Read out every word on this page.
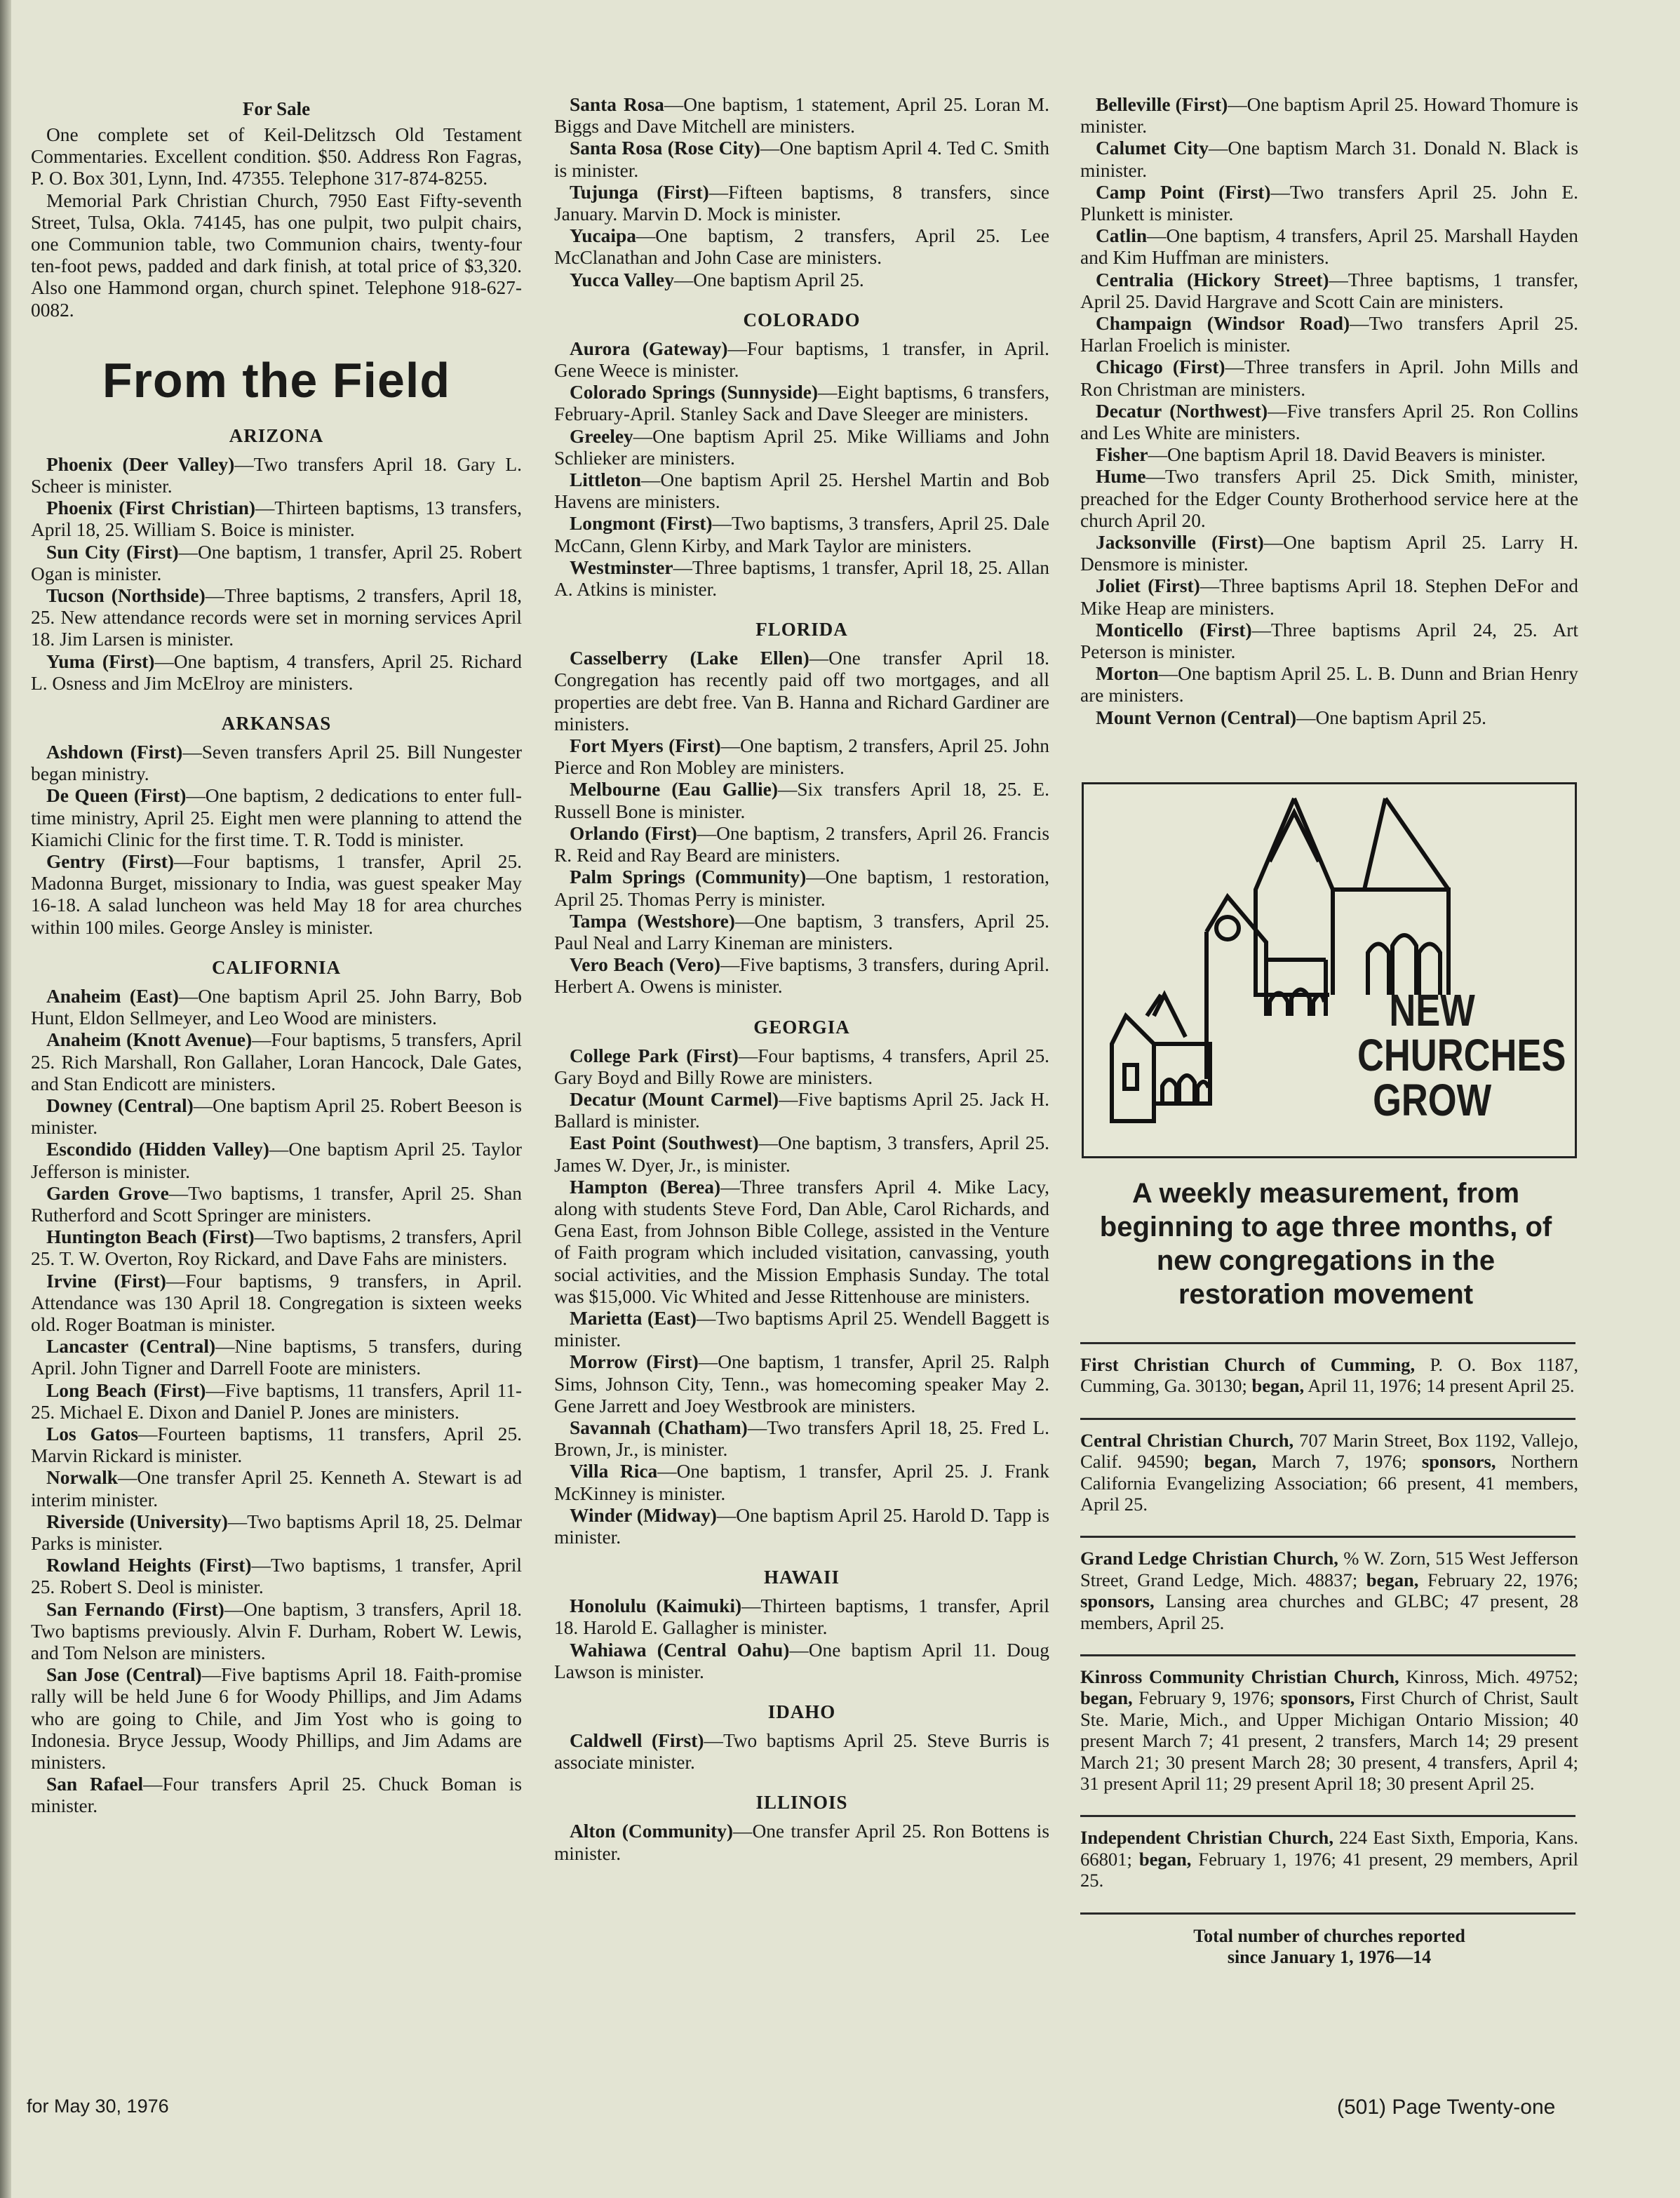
For Sale

One complete set of Keil-Delitzsch Old Testament Commentaries. Excellent condition. $50. Address Ron Fagras, P. O. Box 301, Lynn, Ind. 47355. Telephone 317-874-8255.

Memorial Park Christian Church, 7950 East Fifty-seventh Street, Tulsa, Okla. 74145, has one pulpit, two pulpit chairs, one Communion table, two Communion chairs, twenty-four ten-foot pews, padded and dark finish, at total price of $3,320. Also one Hammond organ, church spinet. Telephone 918-627-0082.

From the Field
ARIZONA

Phoenix (Deer Valley)—Two transfers April 18. Gary L. Scheer is minister.

Phoenix (First Christian)—Thirteen baptisms, 13 transfers, April 18, 25. William S. Boice is minister.

Sun City (First)—One baptism, 1 transfer, April 25. Robert Ogan is minister.

Tucson (Northside)—Three baptisms, 2 transfers, April 18, 25. New attendance records were set in morning services April 18. Jim Larsen is minister.

Yuma (First)—One baptism, 4 transfers, April 25. Richard L. Osness and Jim McElroy are ministers.

ARKANSAS

Ashdown (First)—Seven transfers April 25. Bill Nungester began ministry.

De Queen (First)—One baptism, 2 dedications to enter full-time ministry, April 25. Eight men were planning to attend the Kiamichi Clinic for the first time. T. R. Todd is minister.

Gentry (First)—Four baptisms, 1 transfer, April 25. Madonna Burget, missionary to India, was guest speaker May 16-18. A salad luncheon was held May 18 for area churches within 100 miles. George Ansley is minister.

CALIFORNIA

Anaheim (East)—One baptism April 25. John Barry, Bob Hunt, Eldon Sellmeyer, and Leo Wood are ministers.

Anaheim (Knott Avenue)—Four baptisms, 5 transfers, April 25. Rich Marshall, Ron Gallaher, Loran Hancock, Dale Gates, and Stan Endicott are ministers.

Downey (Central)—One baptism April 25. Robert Beeson is minister.

Escondido (Hidden Valley)—One baptism April 25. Taylor Jefferson is minister.

Garden Grove—Two baptisms, 1 transfer, April 25. Shan Rutherford and Scott Springer are ministers.

Huntington Beach (First)—Two baptisms, 2 transfers, April 25. T. W. Overton, Roy Rickard, and Dave Fahs are ministers.

Irvine (First)—Four baptisms, 9 transfers, in April. Attendance was 130 April 18. Congregation is sixteen weeks old. Roger Boatman is minister.

Lancaster (Central)—Nine baptisms, 5 transfers, during April. John Tigner and Darrell Foote are ministers.

Long Beach (First)—Five baptisms, 11 transfers, April 11-25. Michael E. Dixon and Daniel P. Jones are ministers.

Los Gatos—Fourteen baptisms, 11 transfers, April 25. Marvin Rickard is minister.

Norwalk—One transfer April 25. Kenneth A. Stewart is ad interim minister.

Riverside (University)—Two baptisms April 18, 25. Delmar Parks is minister.

Rowland Heights (First)—Two baptisms, 1 transfer, April 25. Robert S. Deol is minister.

San Fernando (First)—One baptism, 3 transfers, April 18. Two baptisms previously. Alvin F. Durham, Robert W. Lewis, and Tom Nelson are ministers.

San Jose (Central)—Five baptisms April 18. Faith-promise rally will be held June 6 for Woody Phillips, and Jim Adams who are going to Chile, and Jim Yost who is going to Indonesia. Bryce Jessup, Woody Phillips, and Jim Adams are ministers.

San Rafael—Four transfers April 25. Chuck Boman is minister.

Santa Rosa—One baptism, 1 statement, April 25. Loran M. Biggs and Dave Mitchell are ministers.

Santa Rosa (Rose City)—One baptism April 4. Ted C. Smith is minister.

Tujunga (First)—Fifteen baptisms, 8 transfers, since January. Marvin D. Mock is minister.

Yucaipa—One baptism, 2 transfers, April 25. Lee McClanathan and John Case are ministers.

Yucca Valley—One baptism April 25.

COLORADO

Aurora (Gateway)—Four baptisms, 1 transfer, in April. Gene Weece is minister.

Colorado Springs (Sunnyside)—Eight baptisms, 6 transfers, February-April. Stanley Sack and Dave Sleeger are ministers.

Greeley—One baptism April 25. Mike Williams and John Schlieker are ministers.

Littleton—One baptism April 25. Hershel Martin and Bob Havens are ministers.

Longmont (First)—Two baptisms, 3 transfers, April 25. Dale McCann, Glenn Kirby, and Mark Taylor are ministers.

Westminster—Three baptisms, 1 transfer, April 18, 25. Allan A. Atkins is minister.

FLORIDA

Casselberry (Lake Ellen)—One transfer April 18. Congregation has recently paid off two mortgages, and all properties are debt free. Van B. Hanna and Richard Gardiner are ministers.

Fort Myers (First)—One baptism, 2 transfers, April 25. John Pierce and Ron Mobley are ministers.

Melbourne (Eau Gallie)—Six transfers April 18, 25. E. Russell Bone is minister.

Orlando (First)—One baptism, 2 transfers, April 26. Francis R. Reid and Ray Beard are ministers.

Palm Springs (Community)—One baptism, 1 restoration, April 25. Thomas Perry is minister.

Tampa (Westshore)—One baptism, 3 transfers, April 25. Paul Neal and Larry Kineman are ministers.

Vero Beach (Vero)—Five baptisms, 3 transfers, during April. Herbert A. Owens is minister.

GEORGIA

College Park (First)—Four baptisms, 4 transfers, April 25. Gary Boyd and Billy Rowe are ministers.

Decatur (Mount Carmel)—Five baptisms April 25. Jack H. Ballard is minister.

East Point (Southwest)—One baptism, 3 transfers, April 25. James W. Dyer, Jr., is minister.

Hampton (Berea)—Three transfers April 4. Mike Lacy, along with students Steve Ford, Dan Able, Carol Richards, and Gena East, from Johnson Bible College, assisted in the Venture of Faith program which included visitation, canvassing, youth social activities, and the Mission Emphasis Sunday. The total was $15,000. Vic Whited and Jesse Rittenhouse are ministers.

Marietta (East)—Two baptisms April 25. Wendell Baggett is minister.

Morrow (First)—One baptism, 1 transfer, April 25. Ralph Sims, Johnson City, Tenn., was homecoming speaker May 2. Gene Jarrett and Joey Westbrook are ministers.

Savannah (Chatham)—Two transfers April 18, 25. Fred L. Brown, Jr., is minister.

Villa Rica—One baptism, 1 transfer, April 25. J. Frank McKinney is minister.

Winder (Midway)—One baptism April 25. Harold D. Tapp is minister.

HAWAII

Honolulu (Kaimuki)—Thirteen baptisms, 1 transfer, April 18. Harold E. Gallagher is minister.

Wahiawa (Central Oahu)—One baptism April 11. Doug Lawson is minister.

IDAHO

Caldwell (First)—Two baptisms April 25. Steve Burris is associate minister.

ILLINOIS

Alton (Community)—One transfer April 25. Ron Bottens is minister.

Belleville (First)—One baptism April 25. Howard Thomure is minister.

Calumet City—One baptism March 31. Donald N. Black is minister.

Camp Point (First)—Two transfers April 25. John E. Plunkett is minister.

Catlin—One baptism, 4 transfers, April 25. Marshall Hayden and Kim Huffman are ministers.

Centralia (Hickory Street)—Three baptisms, 1 transfer, April 25. David Hargrave and Scott Cain are ministers.

Champaign (Windsor Road)—Two transfers April 25. Harlan Froelich is minister.

Chicago (First)—Three transfers in April. John Mills and Ron Christman are ministers.

Decatur (Northwest)—Five transfers April 25. Ron Collins and Les White are ministers.

Fisher—One baptism April 18. David Beavers is minister.

Hume—Two transfers April 25. Dick Smith, minister, preached for the Edger County Brotherhood service here at the church April 20.

Jacksonville (First)—One baptism April 25. Larry H. Densmore is minister.

Joliet (First)—Three baptisms April 18. Stephen DeFor and Mike Heap are ministers.

Monticello (First)—Three baptisms April 24, 25. Art Peterson is minister.

Morton—One baptism April 25. L. B. Dunn and Brian Henry are ministers.

Mount Vernon (Central)—One baptism April 25.

NEW
CHURCHES
GROW
A weekly measurement, from beginning to age three months, of new congregations in the restoration movement

First Christian Church of Cumming, P. O. Box 1187, Cumming, Ga. 30130; began, April 11, 1976; 14 present April 25.

Central Christian Church, 707 Marin Street, Box 1192, Vallejo, Calif. 94590; began, March 7, 1976; sponsors, Northern California Evangelizing Association; 66 present, 41 members, April 25.

Grand Ledge Christian Church, % W. Zorn, 515 West Jefferson Street, Grand Ledge, Mich. 48837; began, February 22, 1976; sponsors, Lansing area churches and GLBC; 47 present, 28 members, April 25.

Kinross Community Christian Church, Kinross, Mich. 49752; began, February 9, 1976; sponsors, First Church of Christ, Sault Ste. Marie, Mich., and Upper Michigan Ontario Mission; 40 present March 7; 41 present, 2 transfers, March 14; 29 present March 21; 30 present March 28; 30 present, 4 transfers, April 4; 31 present April 11; 29 present April 18; 30 present April 25.

Independent Christian Church, 224 East Sixth, Emporia, Kans. 66801; began, February 1, 1976; 41 present, 29 members, April 25.

Total number of churches reported
since January 1, 1976—14
for May 30, 1976	(501) Page Twenty-one
